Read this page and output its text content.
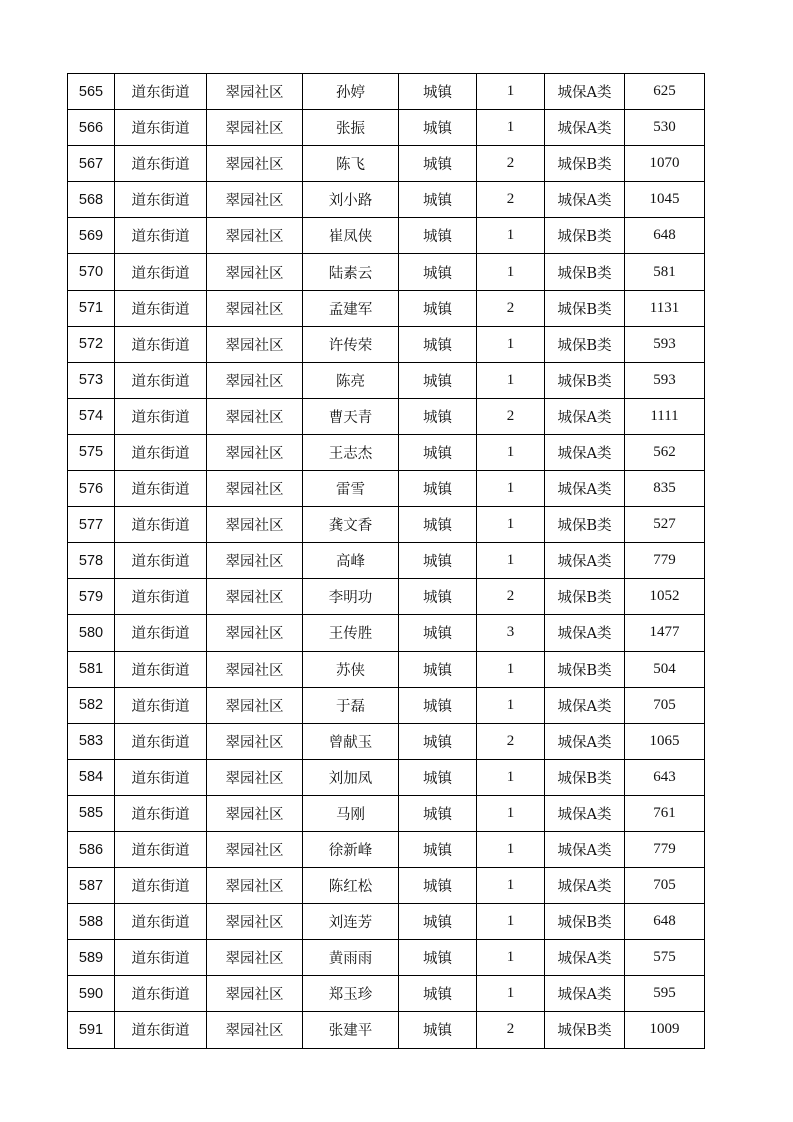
565	道东街道	翠园社区	孙婷	城镇	1	城保A类	625
566	道东街道	翠园社区	张振	城镇	1	城保A类	530
567	道东街道	翠园社区	陈飞	城镇	2	城保B类	1070
568	道东街道	翠园社区	刘小路	城镇	2	城保A类	1045
569	道东街道	翠园社区	崔凤侠	城镇	1	城保B类	648
570	道东街道	翠园社区	陆素云	城镇	1	城保B类	581
571	道东街道	翠园社区	孟建军	城镇	2	城保B类	1131
572	道东街道	翠园社区	许传荣	城镇	1	城保B类	593
573	道东街道	翠园社区	陈亮	城镇	1	城保B类	593
574	道东街道	翠园社区	曹天青	城镇	2	城保A类	1111
575	道东街道	翠园社区	王志杰	城镇	1	城保A类	562
576	道东街道	翠园社区	雷雪	城镇	1	城保A类	835
577	道东街道	翠园社区	龚文香	城镇	1	城保B类	527
578	道东街道	翠园社区	高峰	城镇	1	城保A类	779
579	道东街道	翠园社区	李明功	城镇	2	城保B类	1052
580	道东街道	翠园社区	王传胜	城镇	3	城保A类	1477
581	道东街道	翠园社区	苏侠	城镇	1	城保B类	504
582	道东街道	翠园社区	于磊	城镇	1	城保A类	705
583	道东街道	翠园社区	曾献玉	城镇	2	城保A类	1065
584	道东街道	翠园社区	刘加凤	城镇	1	城保B类	643
585	道东街道	翠园社区	马刚	城镇	1	城保A类	761
586	道东街道	翠园社区	徐新峰	城镇	1	城保A类	779
587	道东街道	翠园社区	陈红松	城镇	1	城保A类	705
588	道东街道	翠园社区	刘连芳	城镇	1	城保B类	648
589	道东街道	翠园社区	黄雨雨	城镇	1	城保A类	575
590	道东街道	翠园社区	郑玉珍	城镇	1	城保A类	595
591	道东街道	翠园社区	张建平	城镇	2	城保B类	1009
